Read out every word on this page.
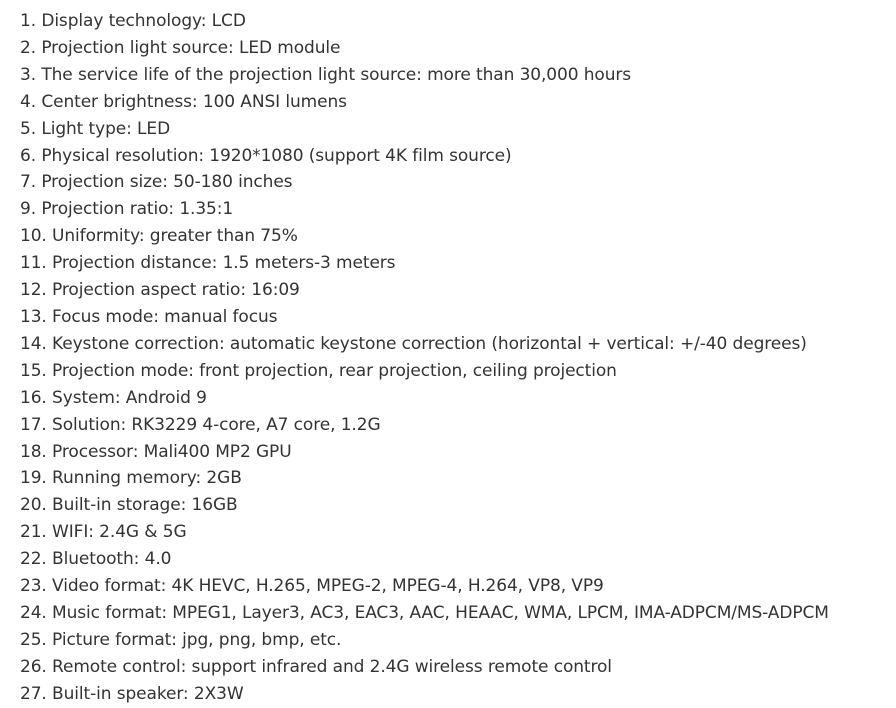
1. Display technology: LCD
2. Projection light source: LED module
3. The service life of the projection light source: more than 30,000 hours
4. Center brightness: 100 ANSI lumens
5. Light type: LED
6. Physical resolution: 1920*1080 (support 4K film source)
7. Projection size: 50-180 inches
9. Projection ratio: 1.35:1
10. Uniformity: greater than 75%
11. Projection distance: 1.5 meters-3 meters
12. Projection aspect ratio: 16:09
13. Focus mode: manual focus
14. Keystone correction: automatic keystone correction (horizontal + vertical: +/-40 degrees)
15. Projection mode: front projection, rear projection, ceiling projection
16. System: Android 9
17. Solution: RK3229 4-core, A7 core, 1.2G
18. Processor: Mali400 MP2 GPU
19. Running memory: 2GB
20. Built-in storage: 16GB
21. WIFI: 2.4G & 5G
22. Bluetooth: 4.0
23. Video format: 4K HEVC, H.265, MPEG-2, MPEG-4, H.264, VP8, VP9
24. Music format: MPEG1, Layer3, AC3, EAC3, AAC, HEAAC, WMA, LPCM, IMA-ADPCM/MS-ADPCM
25. Picture format: jpg, png, bmp, etc.
26. Remote control: support infrared and 2.4G wireless remote control
27. Built-in speaker: 2X3W
